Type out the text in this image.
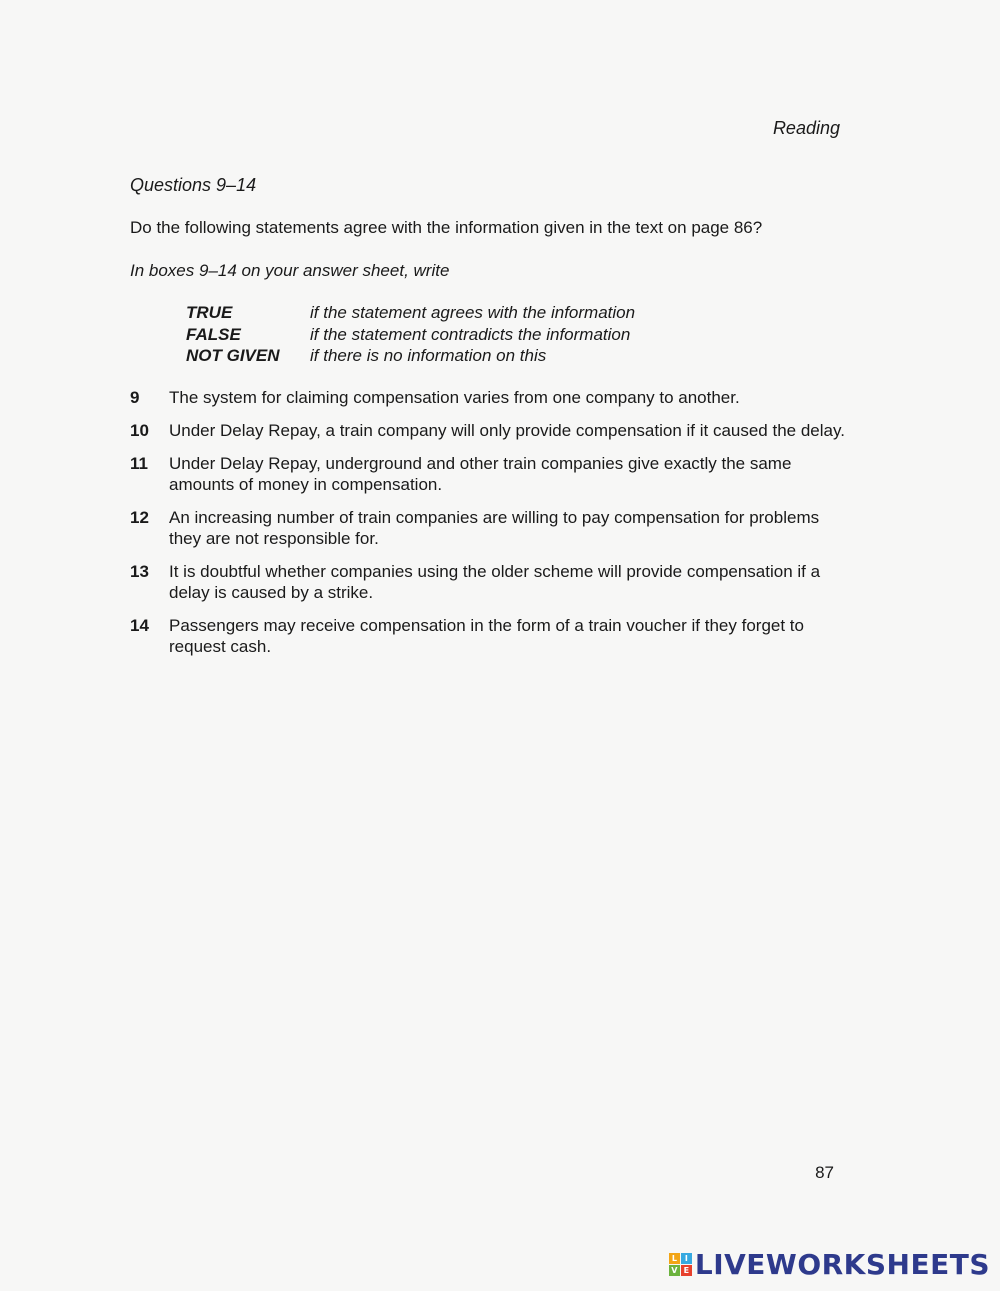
Reading
Questions 9–14
Do the following statements agree with the information given in the text on page 86?
In boxes 9–14 on your answer sheet, write
TRUE	if the statement agrees with the information
FALSE	if the statement contradicts the information
NOT GIVEN	if there is no information on this
9	The system for claiming compensation varies from one company to another.
10	Under Delay Repay, a train company will only provide compensation if it caused the delay.
11	Under Delay Repay, underground and other train companies give exactly the same amounts of money in compensation.
12	An increasing number of train companies are willing to pay compensation for problems they are not responsible for.
13	It is doubtful whether companies using the older scheme will provide compensation if a delay is caused by a strike.
14	Passengers may receive compensation in the form of a train voucher if they forget to request cash.
87
L I
V E LIVEWORKSHEETS
